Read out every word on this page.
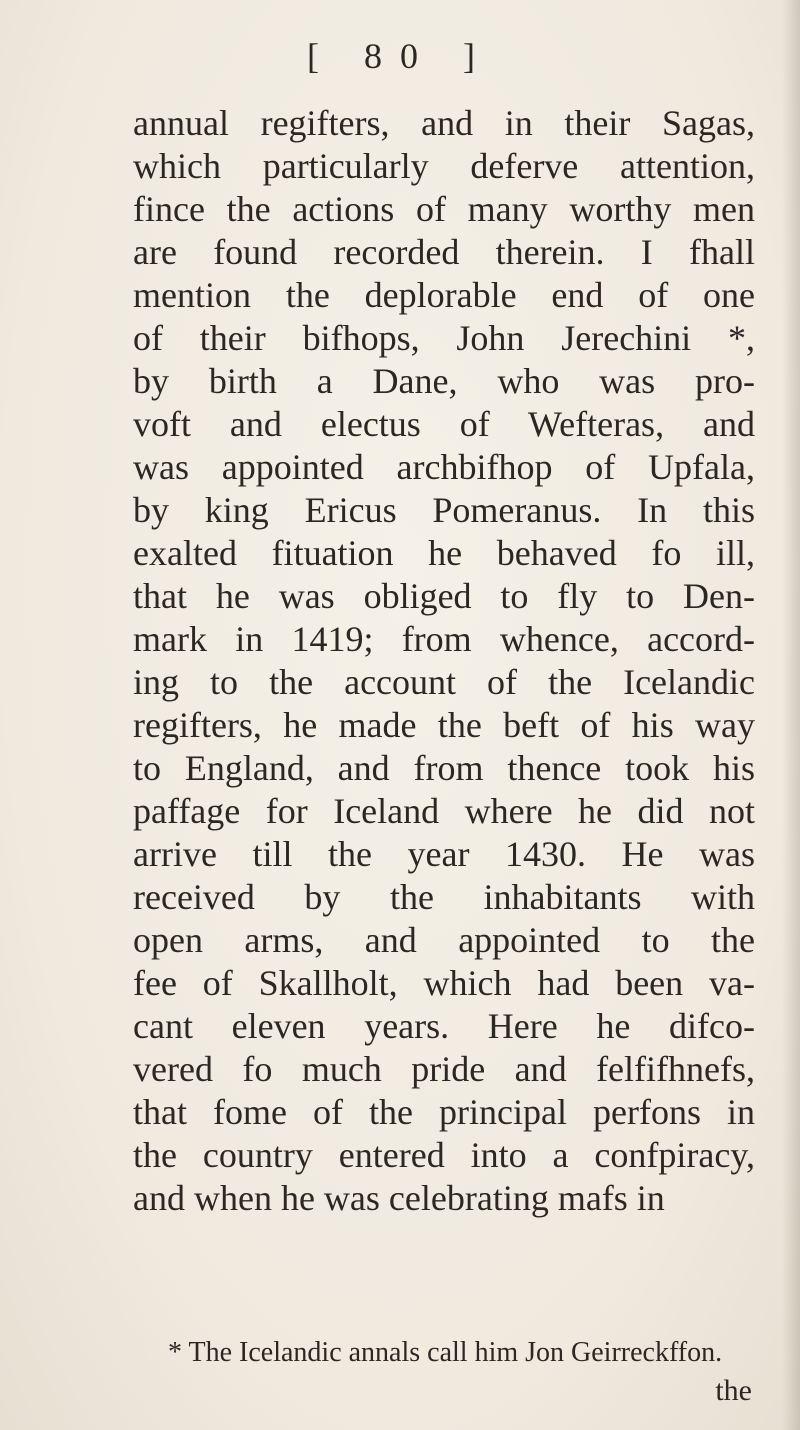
[ 80 ]
annual regifters, and in their Sagas,
which particularly deferve attention,
fince the actions of many worthy men
are found recorded therein. I fhall
mention the deplorable end of one
of their bifhops, John Jerechini *,
by birth a Dane, who was pro-
voft and electus of Wefteras, and
was appointed archbifhop of Upfala,
by king Ericus Pomeranus. In this
exalted fituation he behaved fo ill,
that he was obliged to fly to Den-
mark in 1419; from whence, accord-
ing to the account of the Icelandic
regifters, he made the beft of his way
to England, and from thence took his
paffage for Iceland where he did not
arrive till the year 1430. He was
received by the inhabitants with
open arms, and appointed to the
fee of Skallholt, which had been va-
cant eleven years. Here he difco-
vered fo much pride and felfifhnefs,
that fome of the principal perfons in
the country entered into a confpiracy,
and when he was celebrating mafs in
* The Icelandic annals call him Jon Geirreckffon.
the
